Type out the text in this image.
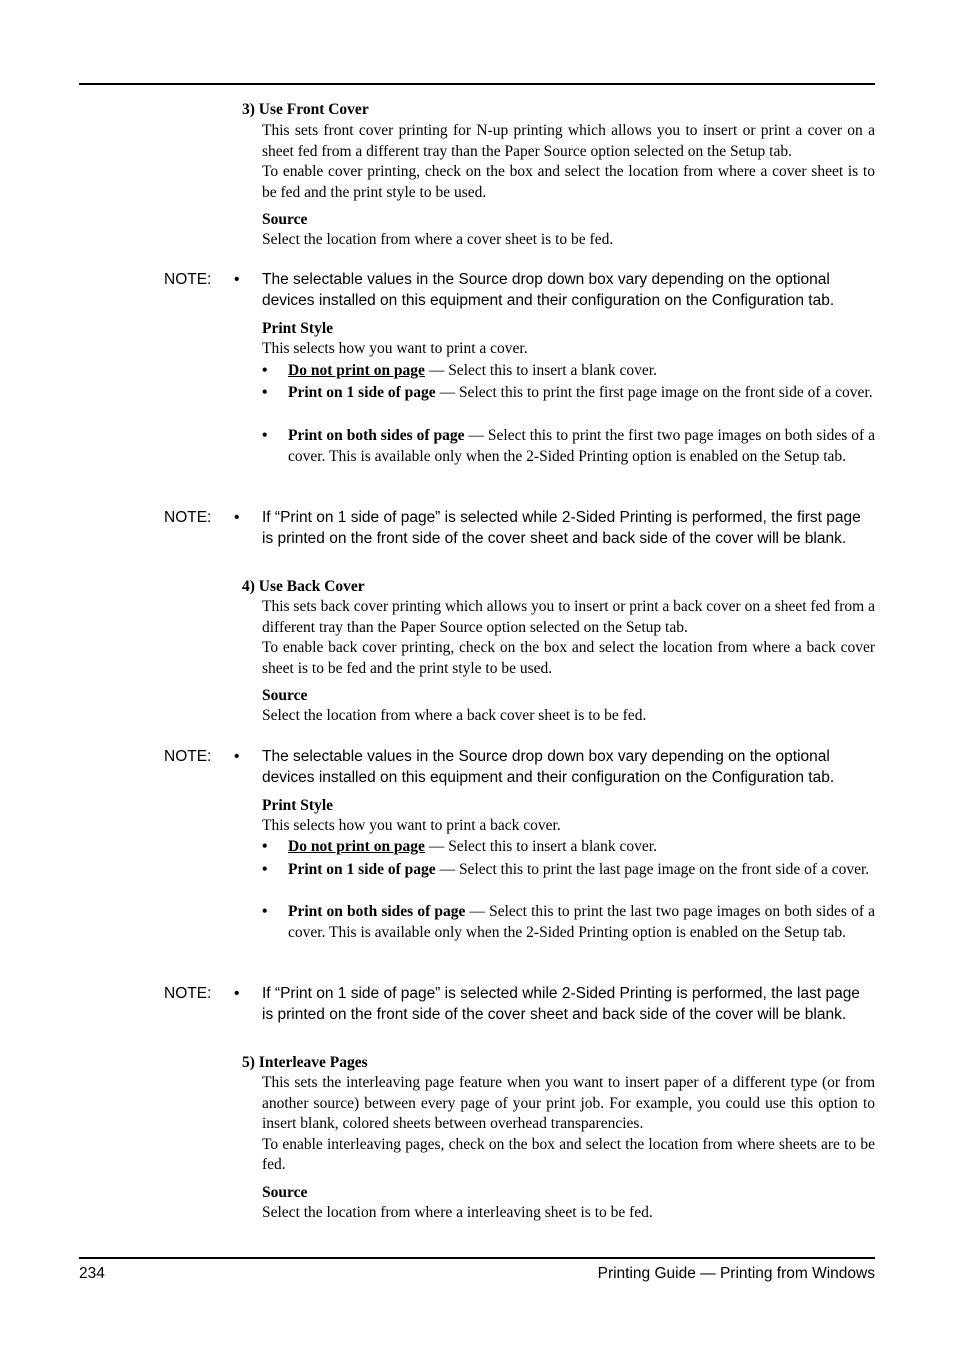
3) Use Front Cover

This sets front cover printing for N-up printing which allows you to insert or print a cover on a sheet fed from a different tray than the Paper Source option selected on the Setup tab.

To enable cover printing, check on the box and select the location from where a cover sheet is to be fed and the print style to be used.

Source
Select the location from where a cover sheet is to be fed.
NOTE: • The selectable values in the Source drop down box vary depending on the optional devices installed on this equipment and their configuration on the Configuration tab.
Print Style
This selects how you want to print a cover.
• Do not print on page — Select this to insert a blank cover.
• Print on 1 side of page — Select this to print the first page image on the front side of a cover.
• Print on both sides of page — Select this to print the first two page images on both sides of a cover. This is available only when the 2-Sided Printing option is enabled on the Setup tab.
NOTE: • If “Print on 1 side of page” is selected while 2-Sided Printing is performed, the first page is printed on the front side of the cover sheet and back side of the cover will be blank.
4) Use Back Cover

This sets back cover printing which allows you to insert or print a back cover on a sheet fed from a different tray than the Paper Source option selected on the Setup tab.

To enable back cover printing, check on the box and select the location from where a back cover sheet is to be fed and the print style to be used.

Source
Select the location from where a back cover sheet is to be fed.
NOTE: • The selectable values in the Source drop down box vary depending on the optional devices installed on this equipment and their configuration on the Configuration tab.
Print Style
This selects how you want to print a back cover.
• Do not print on page — Select this to insert a blank cover.
• Print on 1 side of page — Select this to print the last page image on the front side of a cover.
• Print on both sides of page — Select this to print the last two page images on both sides of a cover. This is available only when the 2-Sided Printing option is enabled on the Setup tab.
NOTE: • If “Print on 1 side of page” is selected while 2-Sided Printing is performed, the last page is printed on the front side of the cover sheet and back side of the cover will be blank.
5) Interleave Pages

This sets the interleaving page feature when you want to insert paper of a different type (or from another source) between every page of your print job. For example, you could use this option to insert blank, colored sheets between overhead transparencies.

To enable interleaving pages, check on the box and select the location from where sheets are to be fed.

Source
Select the location from where a interleaving sheet is to be fed.
234	Printing Guide — Printing from Windows
